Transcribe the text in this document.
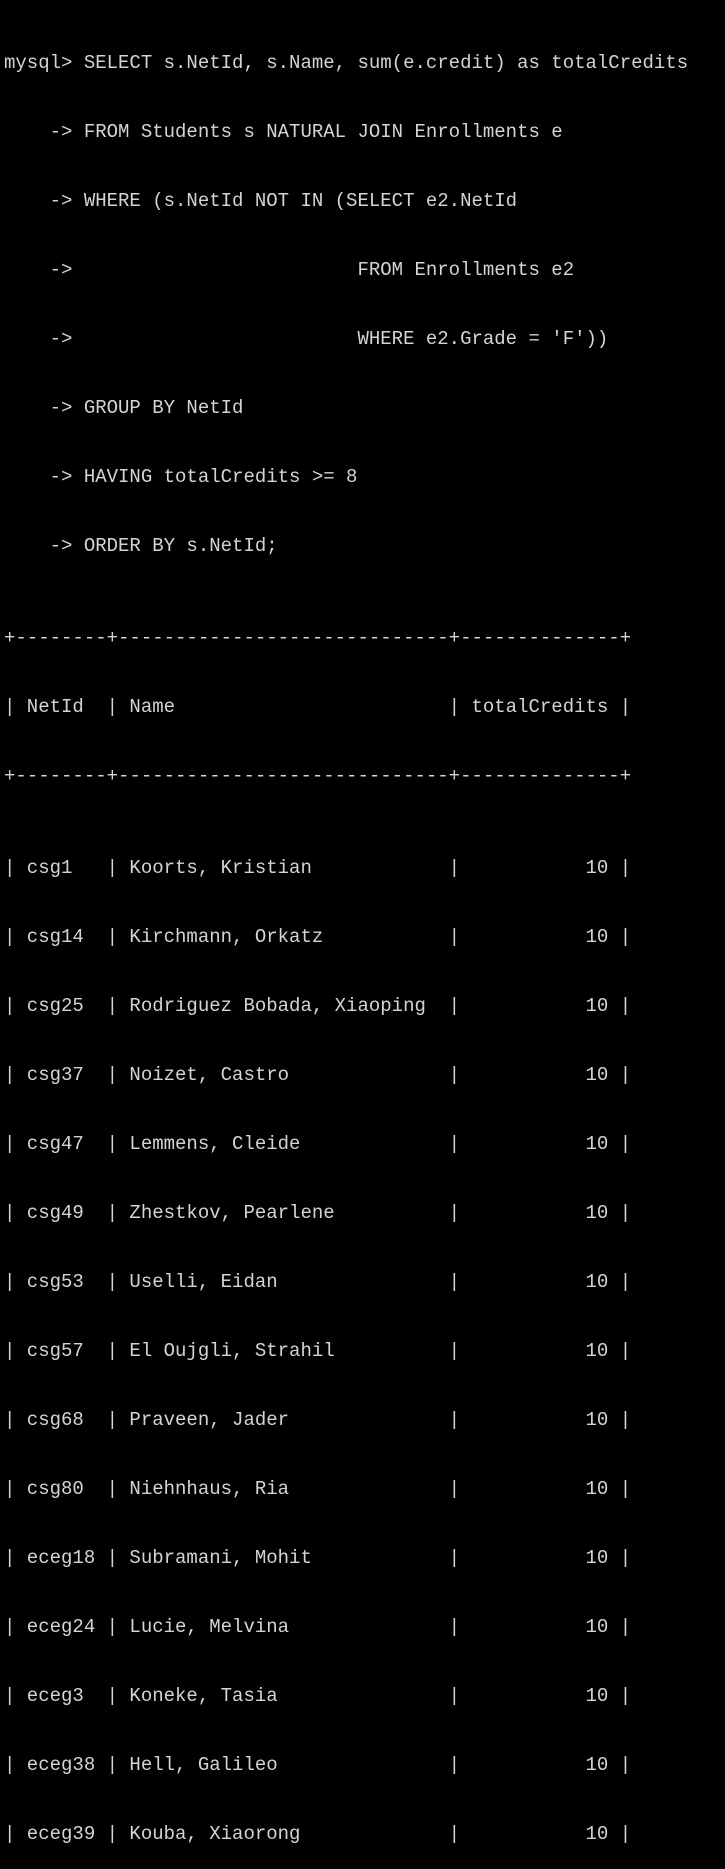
mysql> SELECT s.NetId, s.Name, sum(e.credit) as totalCredits

-> FROM Students s NATURAL JOIN Enrollments e

-> WHERE (s.NetId NOT IN (SELECT e2.NetId

->                         FROM Enrollments e2

->                         WHERE e2.Grade = 'F'))

-> GROUP BY NetId

-> HAVING totalCredits >= 8

-> ORDER BY s.NetId;

+--------+-----------------------------+--------------+

| NetId  | Name                        | totalCredits |

+--------+-----------------------------+--------------+

| csg1   | Koorts, Kristian            |           10 |

| csg14  | Kirchmann, Orkatz           |           10 |

| csg25  | Rodriguez Bobada, Xiaoping  |           10 |

| csg37  | Noizet, Castro              |           10 |

| csg47  | Lemmens, Cleide             |           10 |

| csg49  | Zhestkov, Pearlene          |           10 |

| csg53  | Uselli, Eidan               |           10 |

| csg57  | El Oujgli, Strahil          |           10 |

| csg68  | Praveen, Jader              |           10 |

| csg80  | Niehnhaus, Ria              |           10 |

| eceg18 | Subramani, Mohit            |           10 |

| eceg24 | Lucie, Melvina              |           10 |

| eceg3  | Koneke, Tasia               |           10 |

| eceg38 | Hell, Galileo               |           10 |

| eceg39 | Kouba, Xiaorong             |           10 |
